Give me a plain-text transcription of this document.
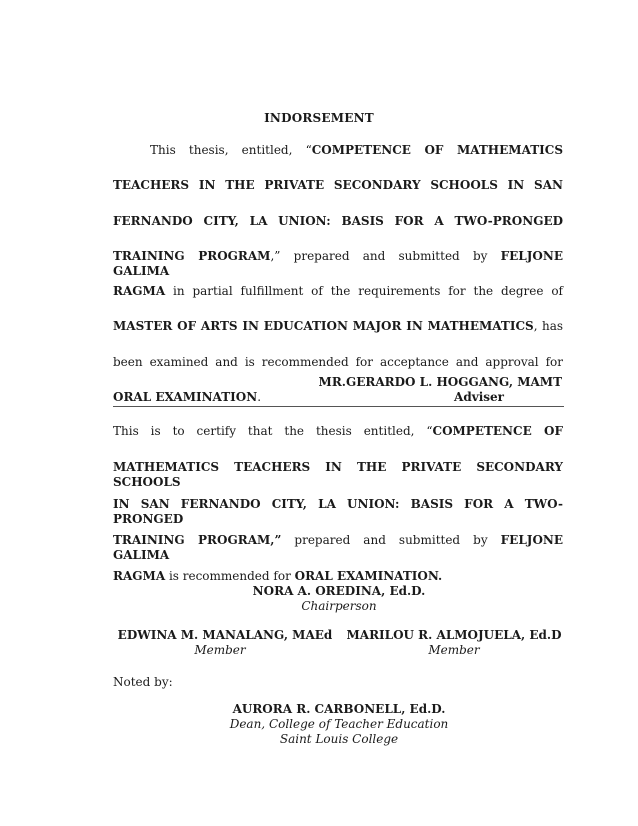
INDORSEMENT
This thesis, entitled, “COMPETENCE OF MATHEMATICS
TEACHERS IN THE PRIVATE SECONDARY SCHOOLS IN SAN
FERNANDO CITY, LA UNION: BASIS FOR A TWO-PRONGED
TRAINING PROGRAM,” prepared and submitted by FELJONE GALIMA
RAGMA in partial fulfillment of the requirements for the degree of
MASTER OF ARTS IN EDUCATION MAJOR IN MATHEMATICS, has
been examined and is recommended for acceptance and approval for
ORAL EXAMINATION.
MR.GERARDO L. HOGGANG, MAMT
Adviser
This is to certify that the thesis entitled, “COMPETENCE OF
MATHEMATICS TEACHERS IN THE PRIVATE SECONDARY SCHOOLS
IN SAN FERNANDO CITY, LA UNION: BASIS FOR A TWO-PRONGED
TRAINING PROGRAM,” prepared and submitted by FELJONE GALIMA
RAGMA is recommended for ORAL EXAMINATION.
NORA A. OREDINA, Ed.D.
Chairperson
EDWINA M. MANALANG, MAEd
Member
MARILOU R. ALMOJUELA, Ed.D
Member
Noted by:
AURORA R. CARBONELL, Ed.D.
Dean, College of Teacher Education
Saint Louis College
